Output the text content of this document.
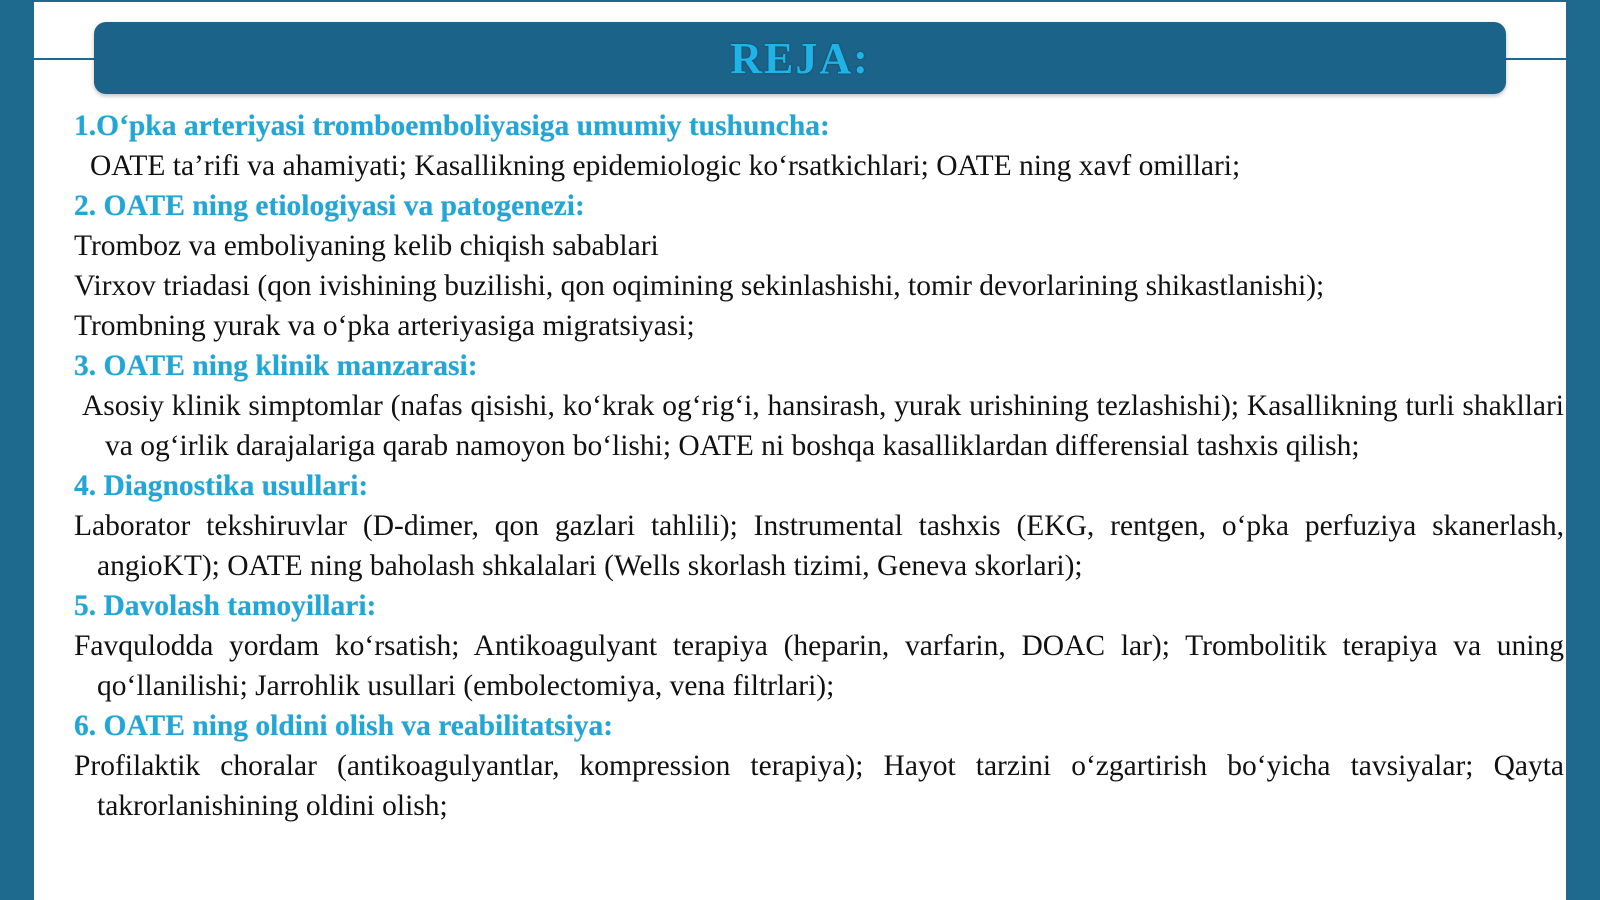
REJA:
1.O‘pka arteriyasi tromboemboliyasiga umumiy tushuncha:
OATE ta’rifi va ahamiyati; Kasallikning epidemiologic ko‘rsatkichlari; OATE ning xavf omillari;
2. OATE ning etiologiyasi va patogenezi:
Tromboz va emboliyaning kelib chiqish sabablari
Virxov triadasi (qon ivishining buzilishi, qon oqimining sekinlashishi, tomir devorlarining shikastlanishi);
Trombning yurak va o‘pka arteriyasiga migratsiyasi;
3. OATE ning klinik manzarasi:
Asosiy klinik simptomlar (nafas qisishi, ko‘krak og‘rig‘i, hansirash, yurak urishining tezlashishi); Kasallikning turli shakllari va og‘irlik darajalariga qarab namoyon bo‘lishi; OATE ni boshqa kasalliklardan differensial tashxis qilish;
4. Diagnostika usullari:
Laborator tekshiruvlar (D-dimer, qon gazlari tahlili); Instrumental tashxis (EKG, rentgen, o‘pka perfuziya skanerlash, angioKT); OATE ning baholash shkalalari (Wells skorlash tizimi, Geneva skorlari);
5. Davolash tamoyillari:
Favqulodda yordam ko‘rsatish; Antikoagulyant terapiya (heparin, varfarin, DOAC lar); Trombolitik terapiya va uning qo‘llanilishi; Jarrohlik usullari (embolectomiya, vena filtrlari);
6. OATE ning oldini olish va reabilitatsiya:
Profilaktik choralar (antikoagulyantlar, kompression terapiya); Hayot tarzini o‘zgartirish bo‘yicha tavsiyalar; Qayta takrorlanishining oldini olish;
